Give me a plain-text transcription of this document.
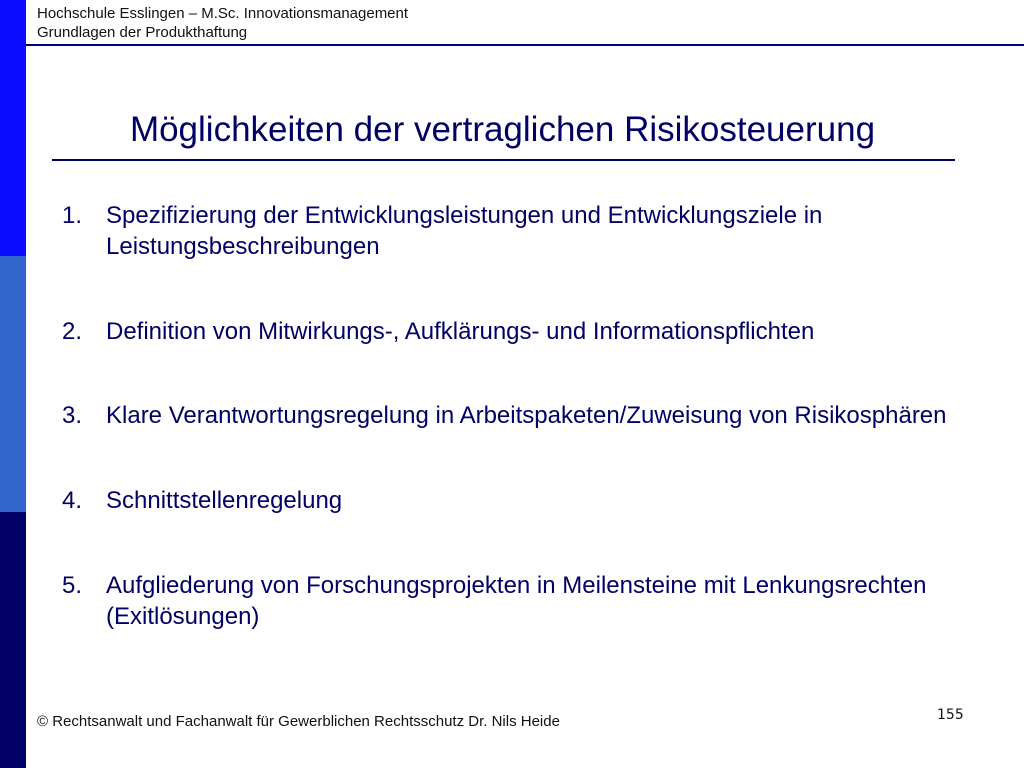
Hochschule Esslingen – M.Sc. Innovationsmanagement
Grundlagen der Produkthaftung
Möglichkeiten der vertraglichen Risikosteuerung
1. Spezifizierung der Entwicklungsleistungen und Entwicklungsziele in Leistungsbeschreibungen
2. Definition von Mitwirkungs-, Aufklärungs- und Informationspflichten
3. Klare Verantwortungsregelung in Arbeitspaketen/Zuweisung von Risikosphären
4. Schnittstellenregelung
5. Aufgliederung von Forschungsprojekten in Meilensteine mit Lenkungsrechten (Exitlösungen)
© Rechtsanwalt und Fachanwalt für Gewerblichen Rechtsschutz Dr. Nils Heide	155
